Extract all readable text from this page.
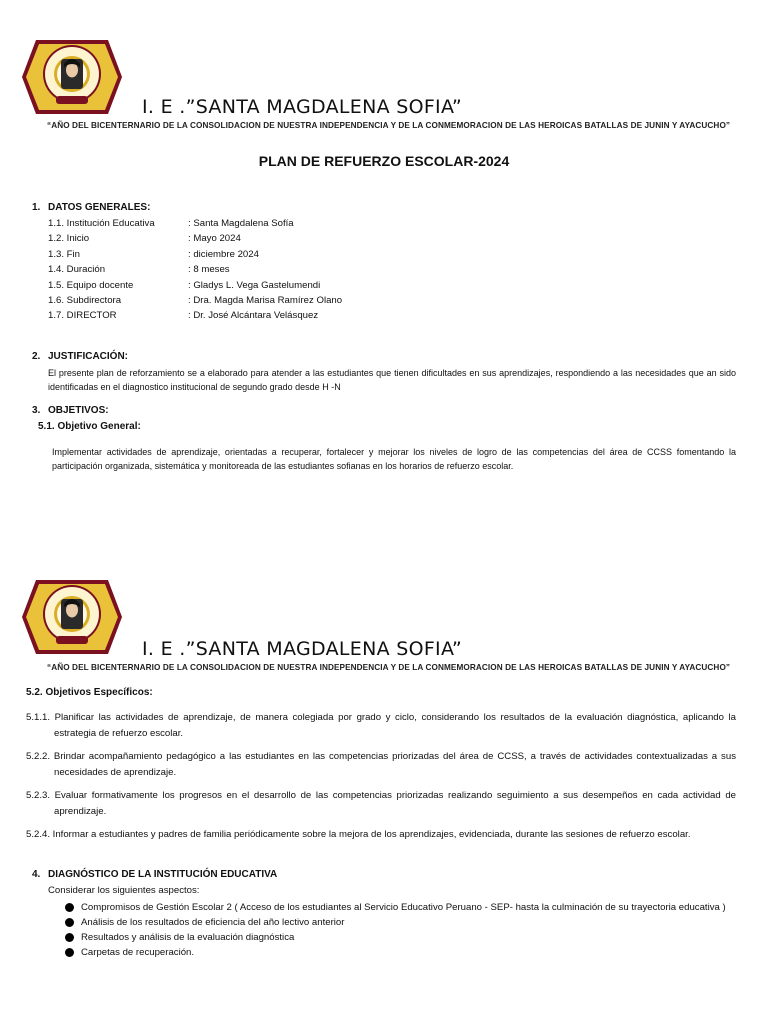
I. E .”SANTA MAGDALENA SOFIA”
“AÑO DEL BICENTERNARIO DE LA CONSOLIDACION DE NUESTRA INDEPENDENCIA Y DE LA CONMEMORACION DE LAS HEROICAS BATALLAS DE JUNIN Y AYACUCHO”
PLAN DE REFUERZO ESCOLAR-2024
1. DATOS GENERALES:
1.1. Institución Educativa	: Santa Magdalena Sofía
1.2. Inicio	: Mayo 2024
1.3. Fin	: diciembre 2024
1.4. Duración	: 8 meses
1.5. Equipo docente	: Gladys L. Vega Gastelumendi
1.6. Subdirectora	: Dra. Magda Marisa Ramírez Olano
1.7. DIRECTOR	: Dr. José Alcántara Velásquez
2. JUSTIFICACIÓN:
El presente plan de reforzamiento se a elaborado para atender a las estudiantes que tienen dificultades en sus aprendizajes, respondiendo a las necesidades que an sido identificadas en el diagnostico institucional de segundo grado desde H -N
3. OBJETIVOS:
5.1. Objetivo General:
Implementar actividades de aprendizaje, orientadas a recuperar, fortalecer y mejorar los niveles de logro de las competencias del área de CCSS fomentando la participación organizada, sistemática y monitoreada de las estudiantes sofianas en los horarios de refuerzo escolar.
I. E .”SANTA MAGDALENA SOFIA”
“AÑO DEL BICENTERNARIO DE LA CONSOLIDACION DE NUESTRA INDEPENDENCIA Y DE LA CONMEMORACION DE LAS HEROICAS BATALLAS DE JUNIN Y AYACUCHO”
5.2. Objetivos Específicos:
5.1.1. Planificar las actividades de aprendizaje, de manera colegiada por grado y ciclo, considerando los resultados de la evaluación diagnóstica, aplicando la estrategia de refuerzo escolar.
5.2.2. Brindar acompañamiento pedagógico a las estudiantes en las competencias priorizadas del área de CCSS, a través de actividades contextualizadas a sus necesidades de aprendizaje.
5.2.3. Evaluar formativamente los progresos en el desarrollo de las competencias priorizadas realizando seguimiento a sus desempeños en cada actividad de aprendizaje.
5.2.4. Informar a estudiantes y padres de familia periódicamente sobre la mejora de los aprendizajes, evidenciada, durante las sesiones de refuerzo escolar.
4. DIAGNÓSTICO DE LA INSTITUCIÓN EDUCATIVA
Considerar los siguientes aspectos:
Compromisos de Gestión Escolar 2 ( Acceso de los estudiantes al Servicio Educativo Peruano - SEP- hasta la culminación de su trayectoria educativa )
Análisis de los resultados de eficiencia del año lectivo anterior
Resultados y análisis de la evaluación diagnóstica
Carpetas de recuperación.
